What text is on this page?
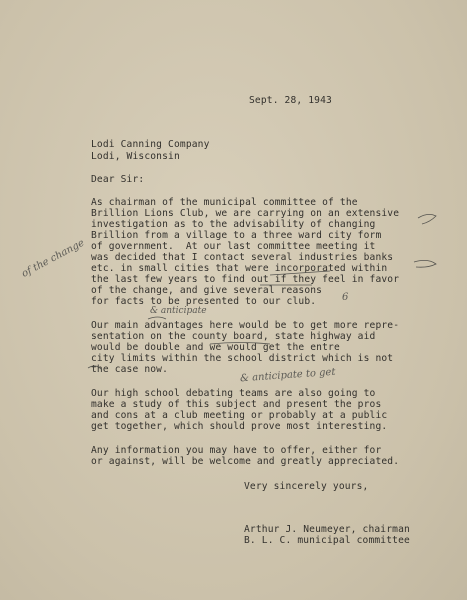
Sept. 28, 1943
Lodi Canning Company
Lodi, Wisconsin
Dear Sir:
As chairman of the municipal committee of the
Brillion Lions Club, we are carrying on an extensive
investigation as to the advisability of changing
Brillion from a village to a three ward city form
of government.  At our last committee meeting it
was decided that I contact several industries banks
etc. in small cities that were incorporated within
the last few years to find out if they feel in favor
of the change, and give several reasons
for facts to be presented to our club.
Our main advantages here would be to get more repre-
sentation on the county board, state highway aid
would be double and we would get the entre
city limits within the school district which is not
the case now.
Our high school debating teams are also going to
make a study of this subject and present the pros
and cons at a club meeting or probably at a public
get together, which should prove most interesting.
Any information you may have to offer, either for
or against, will be welcome and greatly appreciated.
Very sincerely yours,
Arthur J. Neumeyer, chairman
B. L. C. municipal committee
of the change
& anticipate
& anticipate to get
6
